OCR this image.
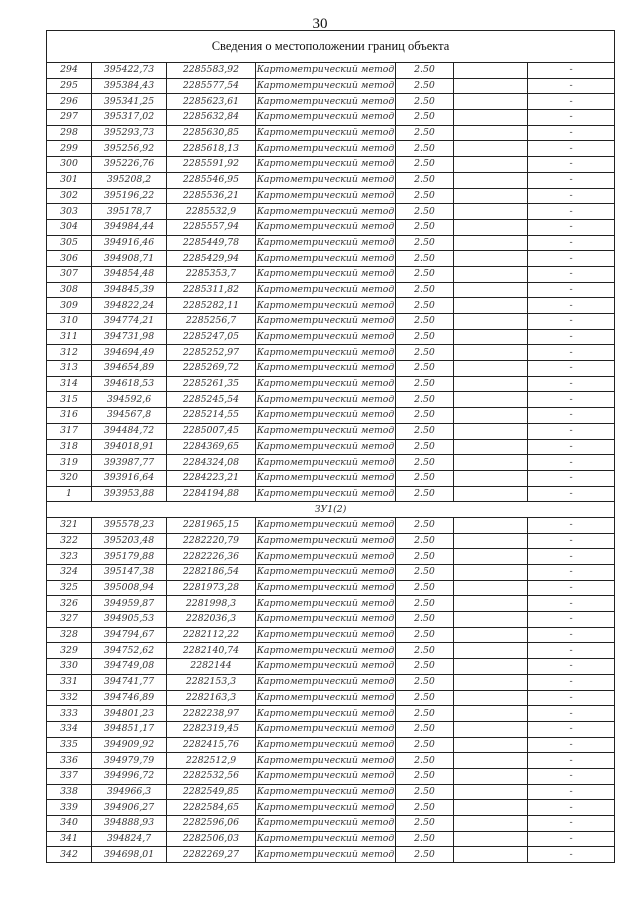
30
Сведения о местоположении границ объекта						
294	395422,73	2285583,92	Картометрический метод	2.50		-
295	395384,43	2285577,54	Картометрический метод	2.50		-
296	395341,25	2285623,61	Картометрический метод	2.50		-
297	395317,02	2285632,84	Картометрический метод	2.50		-
298	395293,73	2285630,85	Картометрический метод	2.50		-
299	395256,92	2285618,13	Картометрический метод	2.50		-
300	395226,76	2285591,92	Картометрический метод	2.50		-
301	395208,2	2285546,95	Картометрический метод	2.50		-
302	395196,22	2285536,21	Картометрический метод	2.50		-
303	395178,7	2285532,9	Картометрический метод	2.50		-
304	394984,44	2285557,94	Картометрический метод	2.50		-
305	394916,46	2285449,78	Картометрический метод	2.50		-
306	394908,71	2285429,94	Картометрический метод	2.50		-
307	394854,48	2285353,7	Картометрический метод	2.50		-
308	394845,39	2285311,82	Картометрический метод	2.50		-
309	394822,24	2285282,11	Картометрический метод	2.50		-
310	394774,21	2285256,7	Картометрический метод	2.50		-
311	394731,98	2285247,05	Картометрический метод	2.50		-
312	394694,49	2285252,97	Картометрический метод	2.50		-
313	394654,89	2285269,72	Картометрический метод	2.50		-
314	394618,53	2285261,35	Картометрический метод	2.50		-
315	394592,6	2285245,54	Картометрический метод	2.50		-
316	394567,8	2285214,55	Картометрический метод	2.50		-
317	394484,72	2285007,45	Картометрический метод	2.50		-
318	394018,91	2284369,65	Картометрический метод	2.50		-
319	393987,77	2284324,08	Картометрический метод	2.50		-
320	393916,64	2284223,21	Картометрический метод	2.50		-
1	393953,88	2284194,88	Картометрический метод	2.50		-
ЗУ1(2)						
321	395578,23	2281965,15	Картометрический метод	2.50		-
322	395203,48	2282220,79	Картометрический метод	2.50		-
323	395179,88	2282226,36	Картометрический метод	2.50		-
324	395147,38	2282186,54	Картометрический метод	2.50		-
325	395008,94	2281973,28	Картометрический метод	2.50		-
326	394959,87	2281998,3	Картометрический метод	2.50		-
327	394905,53	2282036,3	Картометрический метод	2.50		-
328	394794,67	2282112,22	Картометрический метод	2.50		-
329	394752,62	2282140,74	Картометрический метод	2.50		-
330	394749,08	2282144	Картометрический метод	2.50		-
331	394741,77	2282153,3	Картометрический метод	2.50		-
332	394746,89	2282163,3	Картометрический метод	2.50		-
333	394801,23	2282238,97	Картометрический метод	2.50		-
334	394851,17	2282319,45	Картометрический метод	2.50		-
335	394909,92	2282415,76	Картометрический метод	2.50		-
336	394979,79	2282512,9	Картометрический метод	2.50		-
337	394996,72	2282532,56	Картометрический метод	2.50		-
338	394966,3	2282549,85	Картометрический метод	2.50		-
339	394906,27	2282584,65	Картометрический метод	2.50		-
340	394888,93	2282596,06	Картометрический метод	2.50		-
341	394824,7	2282506,03	Картометрический метод	2.50		-
342	394698,01	2282269,27	Картометрический метод	2.50		-
